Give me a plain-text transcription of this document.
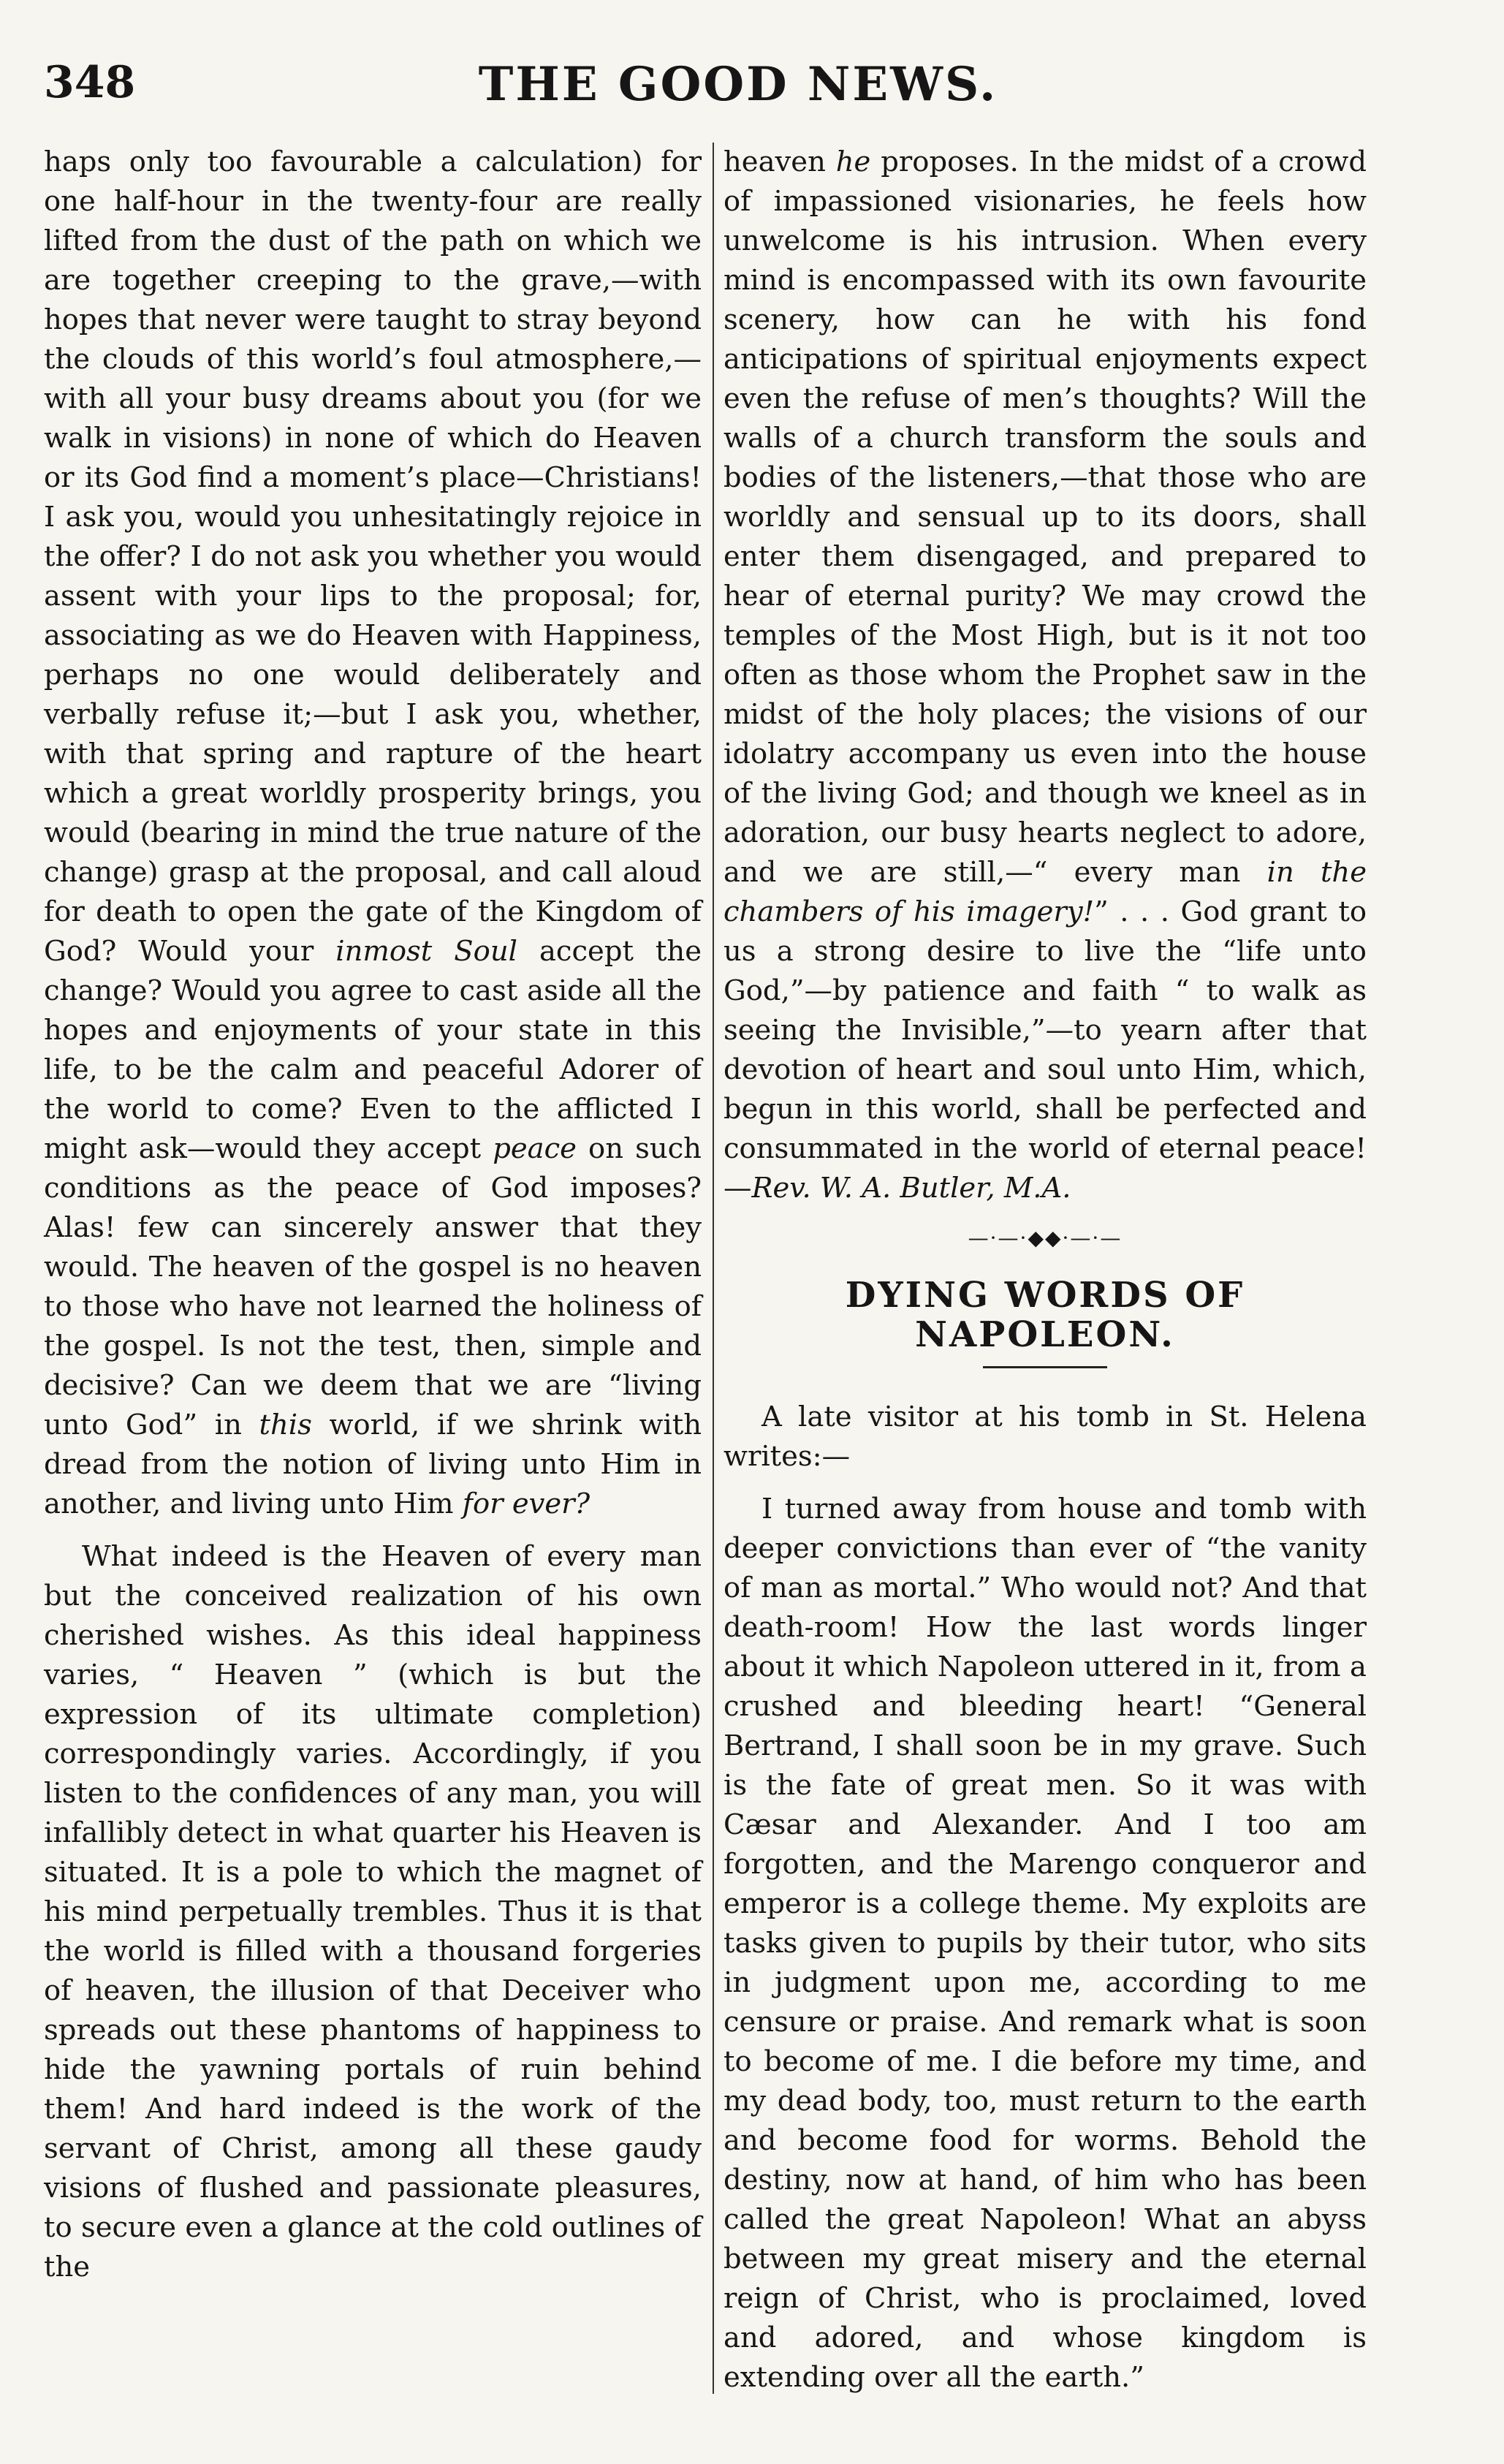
348	THE GOOD NEWS.

haps only too favourable a calculation) for one half-hour in the twenty-four are really lifted from the dust of the path on which we are together creeping to the grave,—with hopes that never were taught to stray beyond the clouds of this world’s foul atmosphere,—with all your busy dreams about you (for we walk in visions) in none of which do Heaven or its God find a moment’s place—Christians! I ask you, would you unhesitatingly rejoice in the offer? I do not ask you whether you would assent with your lips to the proposal; for, associating as we do Heaven with Happiness, perhaps no one would deliberately and verbally refuse it;—but I ask you, whether, with that spring and rapture of the heart which a great worldly prosperity brings, you would (bearing in mind the true nature of the change) grasp at the proposal, and call aloud for death to open the gate of the Kingdom of God? Would your inmost Soul accept the change? Would you agree to cast aside all the hopes and enjoyments of your state in this life, to be the calm and peaceful Adorer of the world to come? Even to the afflicted I might ask—would they accept peace on such conditions as the peace of God imposes? Alas! few can sincerely answer that they would. The heaven of the gospel is no heaven to those who have not learned the holiness of the gospel. Is not the test, then, simple and decisive? Can we deem that we are “living unto God” in this world, if we shrink with dread from the notion of living unto Him in another, and living unto Him for ever?

What indeed is the Heaven of every man but the conceived realization of his own cherished wishes. As this ideal happiness varies, “ Heaven ” (which is but the expression of its ultimate completion) correspondingly varies. Accordingly, if you listen to the confidences of any man, you will infallibly detect in what quarter his Heaven is situated. It is a pole to which the magnet of his mind perpetually trembles. Thus it is that the world is filled with a thousand forgeries of heaven, the illusion of that Deceiver who spreads out these phantoms of happiness to hide the yawning portals of ruin behind them! And hard indeed is the work of the servant of Christ, among all these gaudy visions of flushed and passionate pleasures, to secure even a glance at the cold outlines of the

heaven he proposes. In the midst of a crowd of impassioned visionaries, he feels how unwelcome is his intrusion. When every mind is encompassed with its own favourite scenery, how can he with his fond anticipations of spiritual enjoyments expect even the refuse of men’s thoughts? Will the walls of a church transform the souls and bodies of the listeners,—that those who are worldly and sensual up to its doors, shall enter them disengaged, and prepared to hear of eternal purity? We may crowd the temples of the Most High, but is it not too often as those whom the Prophet saw in the midst of the holy places; the visions of our idolatry accompany us even into the house of the living God; and though we kneel as in adoration, our busy hearts neglect to adore, and we are still,—“ every man in the chambers of his imagery!” . . . God grant to us a strong desire to live the “life unto God,”—by patience and faith “ to walk as seeing the Invisible,”—to yearn after that devotion of heart and soul unto Him, which, begun in this world, shall be perfected and consummated in the world of eternal peace!—Rev. W. A. Butler, M.A.

—·—·◆◆·—·—
DYING WORDS OF NAPOLEON.

A late visitor at his tomb in St. Helena writes:—

I turned away from house and tomb with deeper convictions than ever of “the vanity of man as mortal.” Who would not? And that death-room! How the last words linger about it which Napoleon uttered in it, from a crushed and bleeding heart! “General Bertrand, I shall soon be in my grave. Such is the fate of great men. So it was with Cæsar and Alexander. And I too am forgotten, and the Marengo conqueror and emperor is a college theme. My exploits are tasks given to pupils by their tutor, who sits in judgment upon me, according to me censure or praise. And remark what is soon to become of me. I die before my time, and my dead body, too, must return to the earth and become food for worms. Behold the destiny, now at hand, of him who has been called the great Napoleon! What an abyss between my great misery and the eternal reign of Christ, who is proclaimed, loved and adored, and whose kingdom is extending over all the earth.”
